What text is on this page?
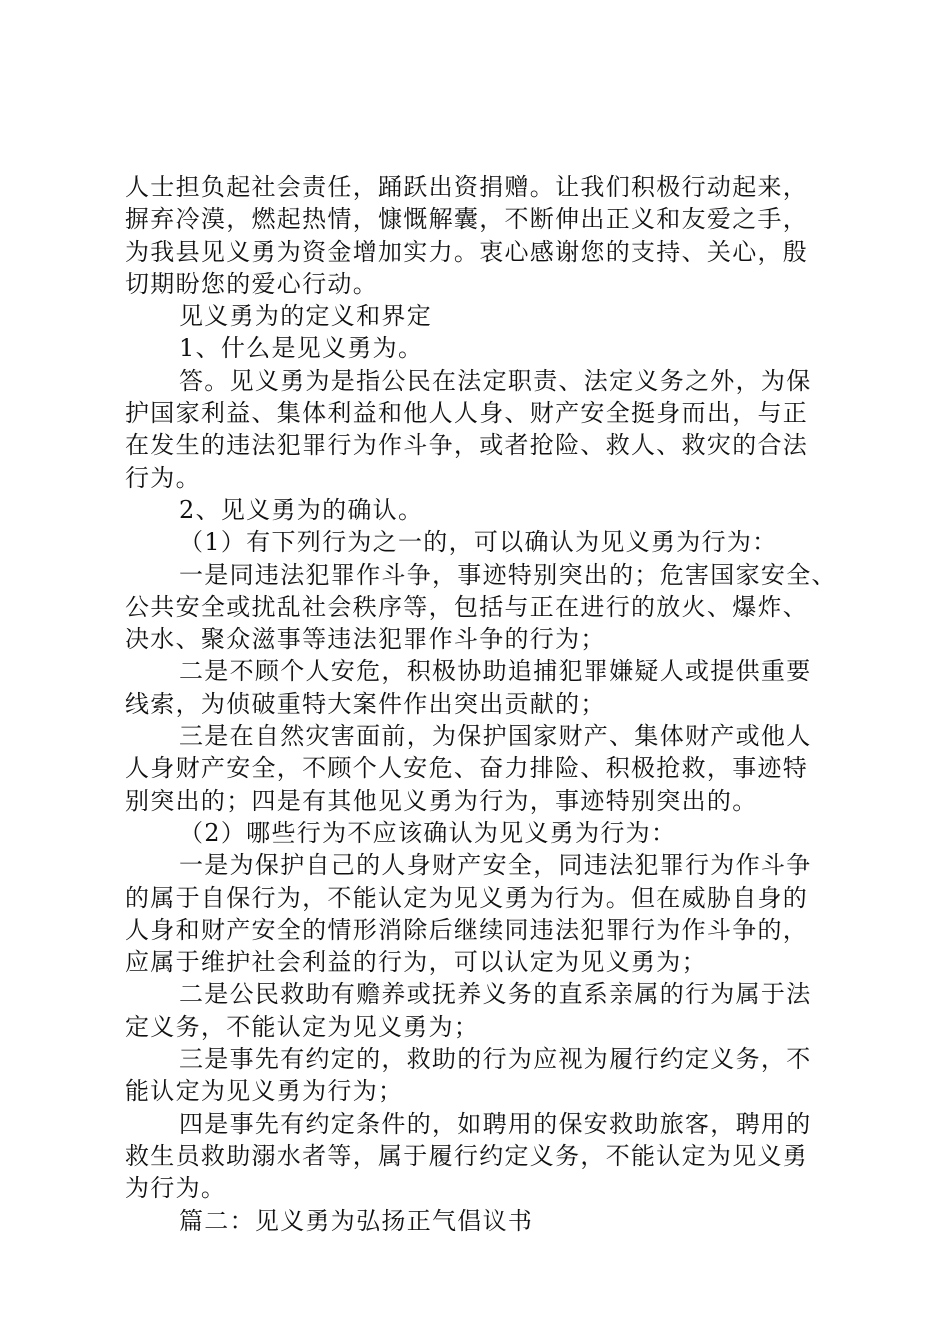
人士担负起社会责任，踊跃出资捐赠。让我们积极行动起来，
摒弃冷漠，燃起热情，慷慨解囊，不断伸出正义和友爱之手，
为我县见义勇为资金增加实力。衷心感谢您的支持、关心，殷
切期盼您的爱心行动。
见义勇为的定义和界定
1、什么是见义勇为。
答。见义勇为是指公民在法定职责、法定义务之外，为保
护国家利益、集体利益和他人人身、财产安全挺身而出，与正
在发生的违法犯罪行为作斗争，或者抢险、救人、救灾的合法
行为。
2、见义勇为的确认。
（1）有下列行为之一的，可以确认为见义勇为行为：
一是同违法犯罪作斗争，事迹特别突出的；危害国家安全、
公共安全或扰乱社会秩序等，包括与正在进行的放火、爆炸、
决水、聚众滋事等违法犯罪作斗争的行为；
二是不顾个人安危，积极协助追捕犯罪嫌疑人或提供重要
线索，为侦破重特大案件作出突出贡献的；
三是在自然灾害面前，为保护国家财产、集体财产或他人
人身财产安全，不顾个人安危、奋力排险、积极抢救，事迹特
别突出的；四是有其他见义勇为行为，事迹特别突出的。
（2）哪些行为不应该确认为见义勇为行为：
一是为保护自己的人身财产安全，同违法犯罪行为作斗争
的属于自保行为，不能认定为见义勇为行为。但在威胁自身的
人身和财产安全的情形消除后继续同违法犯罪行为作斗争的，
应属于维护社会利益的行为，可以认定为见义勇为；
二是公民救助有赡养或抚养义务的直系亲属的行为属于法
定义务，不能认定为见义勇为；
三是事先有约定的，救助的行为应视为履行约定义务，不
能认定为见义勇为行为；
四是事先有约定条件的，如聘用的保安救助旅客，聘用的
救生员救助溺水者等，属于履行约定义务，不能认定为见义勇
为行为。
篇二：见义勇为弘扬正气倡议书
